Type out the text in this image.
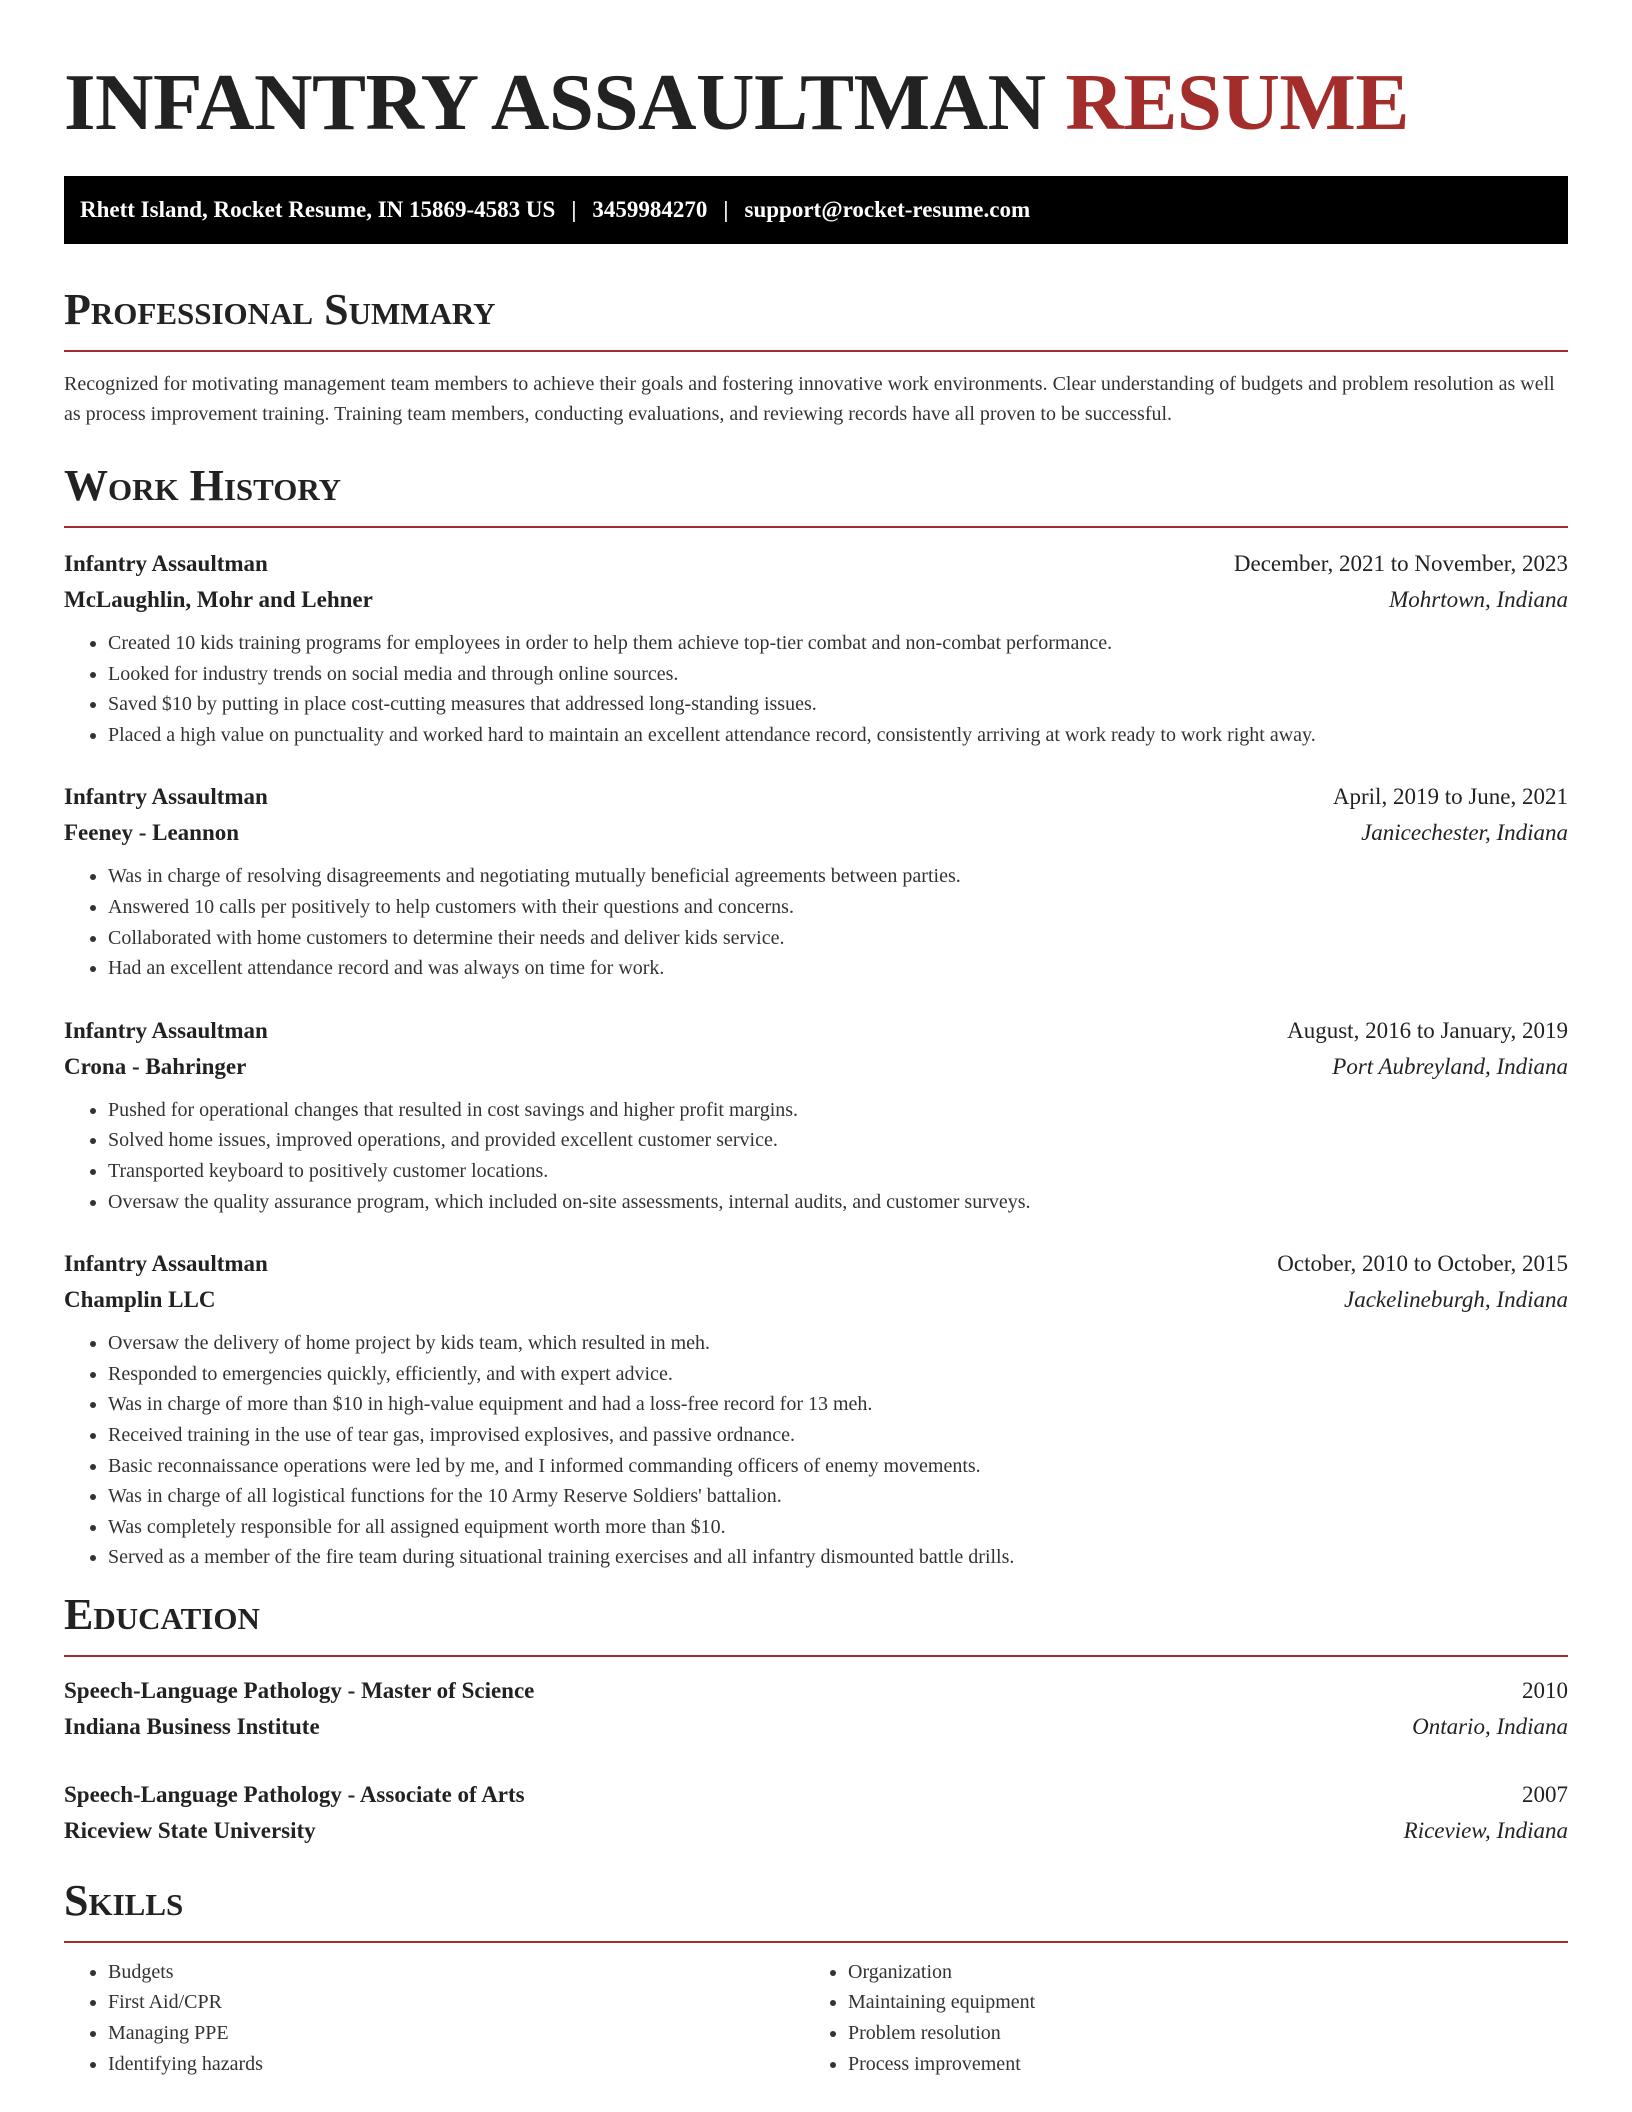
INFANTRY ASSAULTMAN RESUME
Rhett Island, Rocket Resume, IN 15869-4583 US | 3459984270 | support@rocket-resume.com
Professional Summary

Recognized for motivating management team members to achieve their goals and fostering innovative work environments. Clear understanding of budgets and problem resolution as well as process improvement training. Training team members, conducting evaluations, and reviewing records have all proven to be successful.

Work History
Infantry Assaultman	December, 2021 to November, 2023
McLaughlin, Mohr and Lehner	Mohrtown, Indiana
• Created 10 kids training programs for employees in order to help them achieve top-tier combat and non-combat performance.
• Looked for industry trends on social media and through online sources.
• Saved $10 by putting in place cost-cutting measures that addressed long-standing issues.
• Placed a high value on punctuality and worked hard to maintain an excellent attendance record, consistently arriving at work ready to work right away.
Infantry Assaultman	April, 2019 to June, 2021
Feeney - Leannon	Janicechester, Indiana
• Was in charge of resolving disagreements and negotiating mutually beneficial agreements between parties.
• Answered 10 calls per positively to help customers with their questions and concerns.
• Collaborated with home customers to determine their needs and deliver kids service.
• Had an excellent attendance record and was always on time for work.
Infantry Assaultman	August, 2016 to January, 2019
Crona - Bahringer	Port Aubreyland, Indiana
• Pushed for operational changes that resulted in cost savings and higher profit margins.
• Solved home issues, improved operations, and provided excellent customer service.
• Transported keyboard to positively customer locations.
• Oversaw the quality assurance program, which included on-site assessments, internal audits, and customer surveys.
Infantry Assaultman	October, 2010 to October, 2015
Champlin LLC	Jackelineburgh, Indiana
• Oversaw the delivery of home project by kids team, which resulted in meh.
• Responded to emergencies quickly, efficiently, and with expert advice.
• Was in charge of more than $10 in high-value equipment and had a loss-free record for 13 meh.
• Received training in the use of tear gas, improvised explosives, and passive ordnance.
• Basic reconnaissance operations were led by me, and I informed commanding officers of enemy movements.
• Was in charge of all logistical functions for the 10 Army Reserve Soldiers' battalion.
• Was completely responsible for all assigned equipment worth more than $10.
• Served as a member of the fire team during situational training exercises and all infantry dismounted battle drills.
Education
Speech-Language Pathology - Master of Science	2010
Indiana Business Institute	Ontario, Indiana
Speech-Language Pathology - Associate of Arts	2007
Riceview State University	Riceview, Indiana
Skills
• Budgets
• First Aid/CPR
• Managing PPE
• Identifying hazards
• Organization
• Maintaining equipment
• Problem resolution
• Process improvement
